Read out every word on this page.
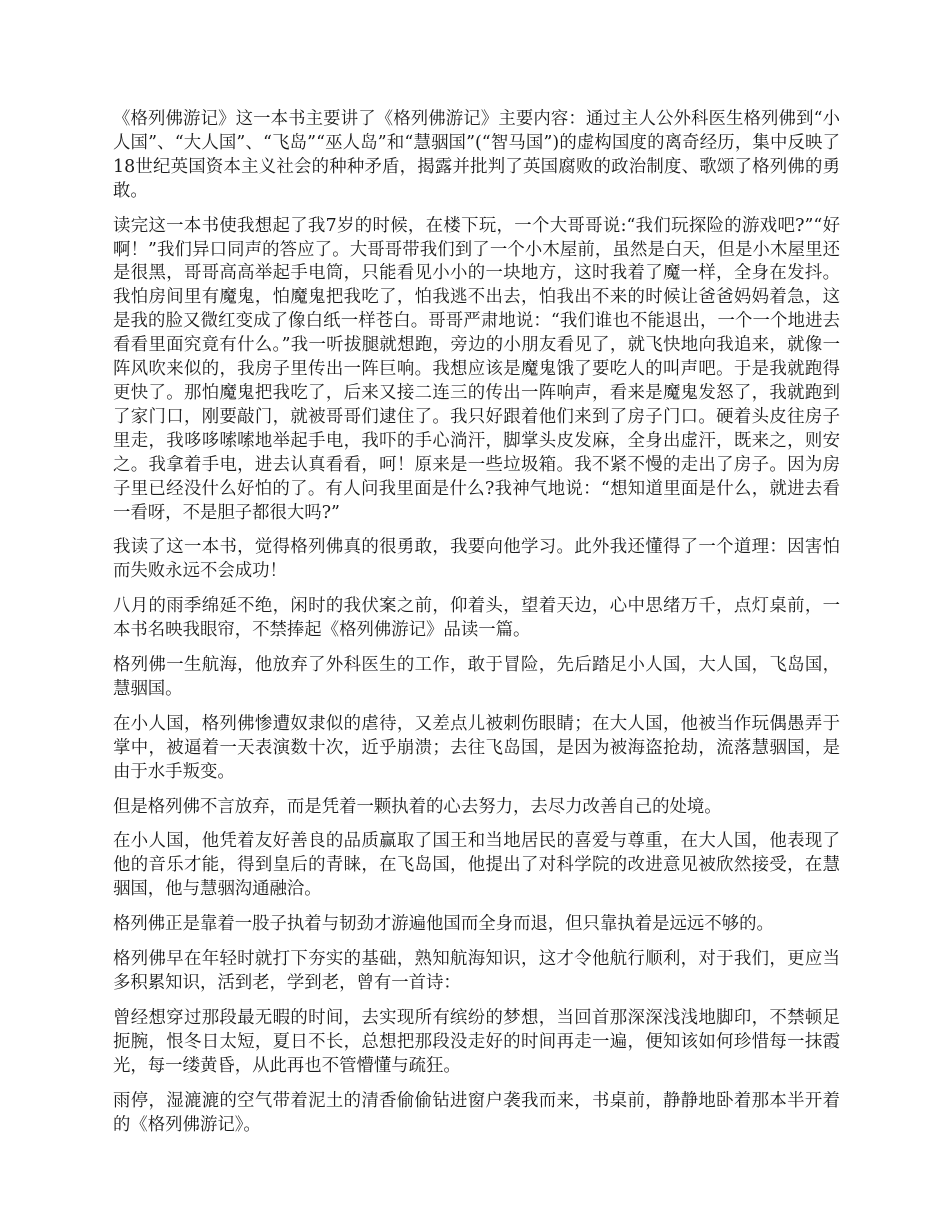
《格列佛游记》这一本书主要讲了《格列佛游记》主要内容：通过主人公外科医生格列佛到“小人国”、“大人国”、“飞岛”“巫人岛”和“慧骃国”(“智马国”)的虚构国度的离奇经历，集中反映了18世纪英国资本主义社会的种种矛盾，揭露并批判了英国腐败的政治制度、歌颂了格列佛的勇敢。

读完这一本书使我想起了我7岁的时候，在楼下玩，一个大哥哥说:“我们玩探险的游戏吧?”“好啊！”我们异口同声的答应了。大哥哥带我们到了一个小木屋前，虽然是白天，但是小木屋里还是很黑，哥哥高高举起手电筒，只能看见小小的一块地方，这时我着了魔一样，全身在发抖。我怕房间里有魔鬼，怕魔鬼把我吃了，怕我逃不出去，怕我出不来的时候让爸爸妈妈着急，这是我的脸又微红变成了像白纸一样苍白。哥哥严肃地说：“我们谁也不能退出，一个一个地进去看看里面究竟有什么。”我一听拔腿就想跑，旁边的小朋友看见了，就飞快地向我追来，就像一阵风吹来似的，我房子里传出一阵巨响。我想应该是魔鬼饿了要吃人的叫声吧。于是我就跑得更快了。那怕魔鬼把我吃了，后来又接二连三的传出一阵响声，看来是魔鬼发怒了，我就跑到了家门口，刚要敲门，就被哥哥们逮住了。我只好跟着他们来到了房子门口。硬着头皮往房子里走，我哆哆嗦嗦地举起手电，我吓的手心淌汗，脚掌头皮发麻，全身出虚汗，既来之，则安之。我拿着手电，进去认真看看，呵！原来是一些垃圾箱。我不紧不慢的走出了房子。因为房子里已经没什么好怕的了。有人问我里面是什么?我神气地说：“想知道里面是什么，就进去看一看呀，不是胆子都很大吗?”

我读了这一本书，觉得格列佛真的很勇敢，我要向他学习。此外我还懂得了一个道理：因害怕而失败永远不会成功！

八月的雨季绵延不绝，闲时的我伏案之前，仰着头，望着天边，心中思绪万千，点灯桌前，一本书名映我眼帘，不禁捧起《格列佛游记》品读一篇。

格列佛一生航海，他放弃了外科医生的工作，敢于冒险，先后踏足小人国，大人国，飞岛国，慧骃国。

在小人国，格列佛惨遭奴隶似的虐待，又差点儿被刺伤眼睛；在大人国，他被当作玩偶愚弄于掌中，被逼着一天表演数十次，近乎崩溃；去往飞岛国，是因为被海盗抢劫，流落慧骃国，是由于水手叛变。

但是格列佛不言放弃，而是凭着一颗执着的心去努力，去尽力改善自己的处境。

在小人国，他凭着友好善良的品质赢取了国王和当地居民的喜爱与尊重，在大人国，他表现了他的音乐才能，得到皇后的青睐，在飞岛国，他提出了对科学院的改进意见被欣然接受，在慧骃国，他与慧骃沟通融洽。

格列佛正是靠着一股子执着与韧劲才游遍他国而全身而退，但只靠执着是远远不够的。

格列佛早在年轻时就打下夯实的基础，熟知航海知识，这才令他航行顺利，对于我们，更应当多积累知识，活到老，学到老，曾有一首诗：

曾经想穿过那段最无暇的时间，去实现所有缤纷的梦想，当回首那深深浅浅地脚印，不禁顿足扼腕，恨冬日太短，夏日不长，总想把那段没走好的时间再走一遍，便知该如何珍惜每一抹霞光，每一缕黄昏，从此再也不管懵懂与疏狂。

雨停，湿漉漉的空气带着泥土的清香偷偷钻进窗户袭我而来，书桌前，静静地卧着那本半开着的《格列佛游记》。
